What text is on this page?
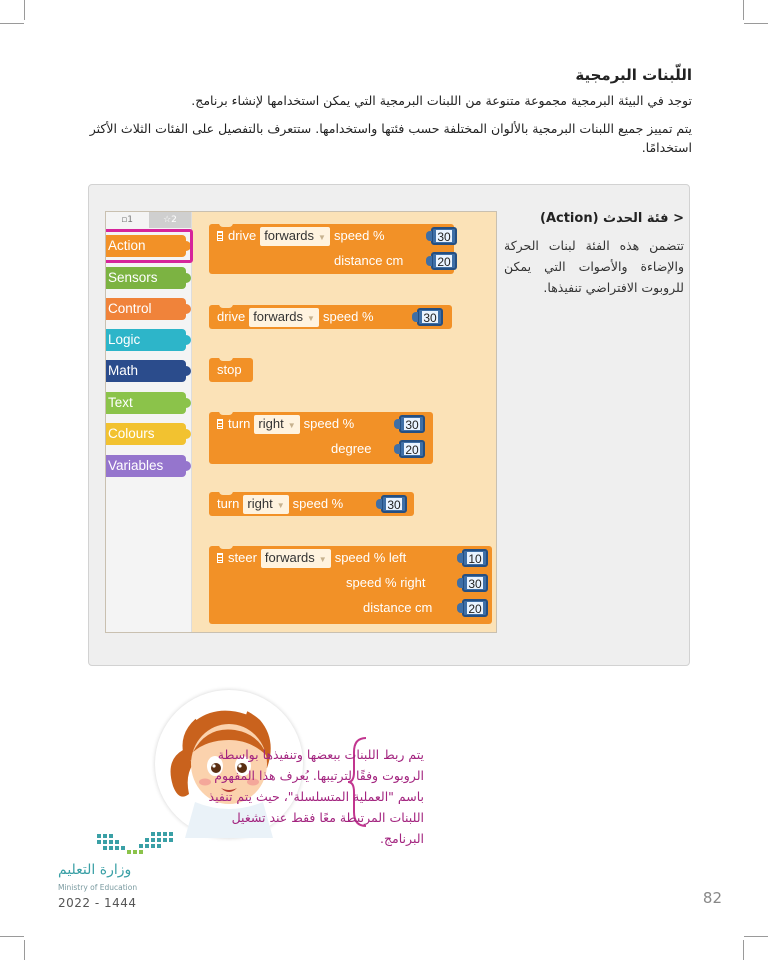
اللّبنات البرمجية
توجد في البيئة البرمجية مجموعة متنوعة من اللبنات البرمجية التي يمكن استخدامها لإنشاء برنامج.
يتم تمييز جميع اللبنات البرمجية بالألوان المختلفة حسب فئتها واستخدامها. ستتعرف بالتفصيل على الفئات الثلاث الأكثر استخدامًا.
▫1	☆2
Action
Sensors
Control
Logic
Math
Text
Colours
Variables
drive forwards ▼ speed %	30
distance cm	20
drive forwards ▼ speed %	30
stop
turn right ▼ speed %	30
degree	20
turn right ▼ speed %	30
steer forwards ▼ speed % left	10
speed % right	30
distance cm	20
< فئة الحدث (Action)
تتضمن هذه الفئة لبنات الحركة والإضاءة والأصوات التي يمكن للروبوت الافتراضي تنفيذها.
يتم ربط اللبنات ببعضها وتنفيذها بواسطة الروبوت وفقًا لترتيبها. يُعرف هذا المفهوم باسم "العملية المتسلسلة"، حيث يتم تنفيذ اللبنات المرتبطة معًا فقط عند تشغيل البرنامج.
وزارة التعليم
Ministry of Education
2022 - 1444	82
